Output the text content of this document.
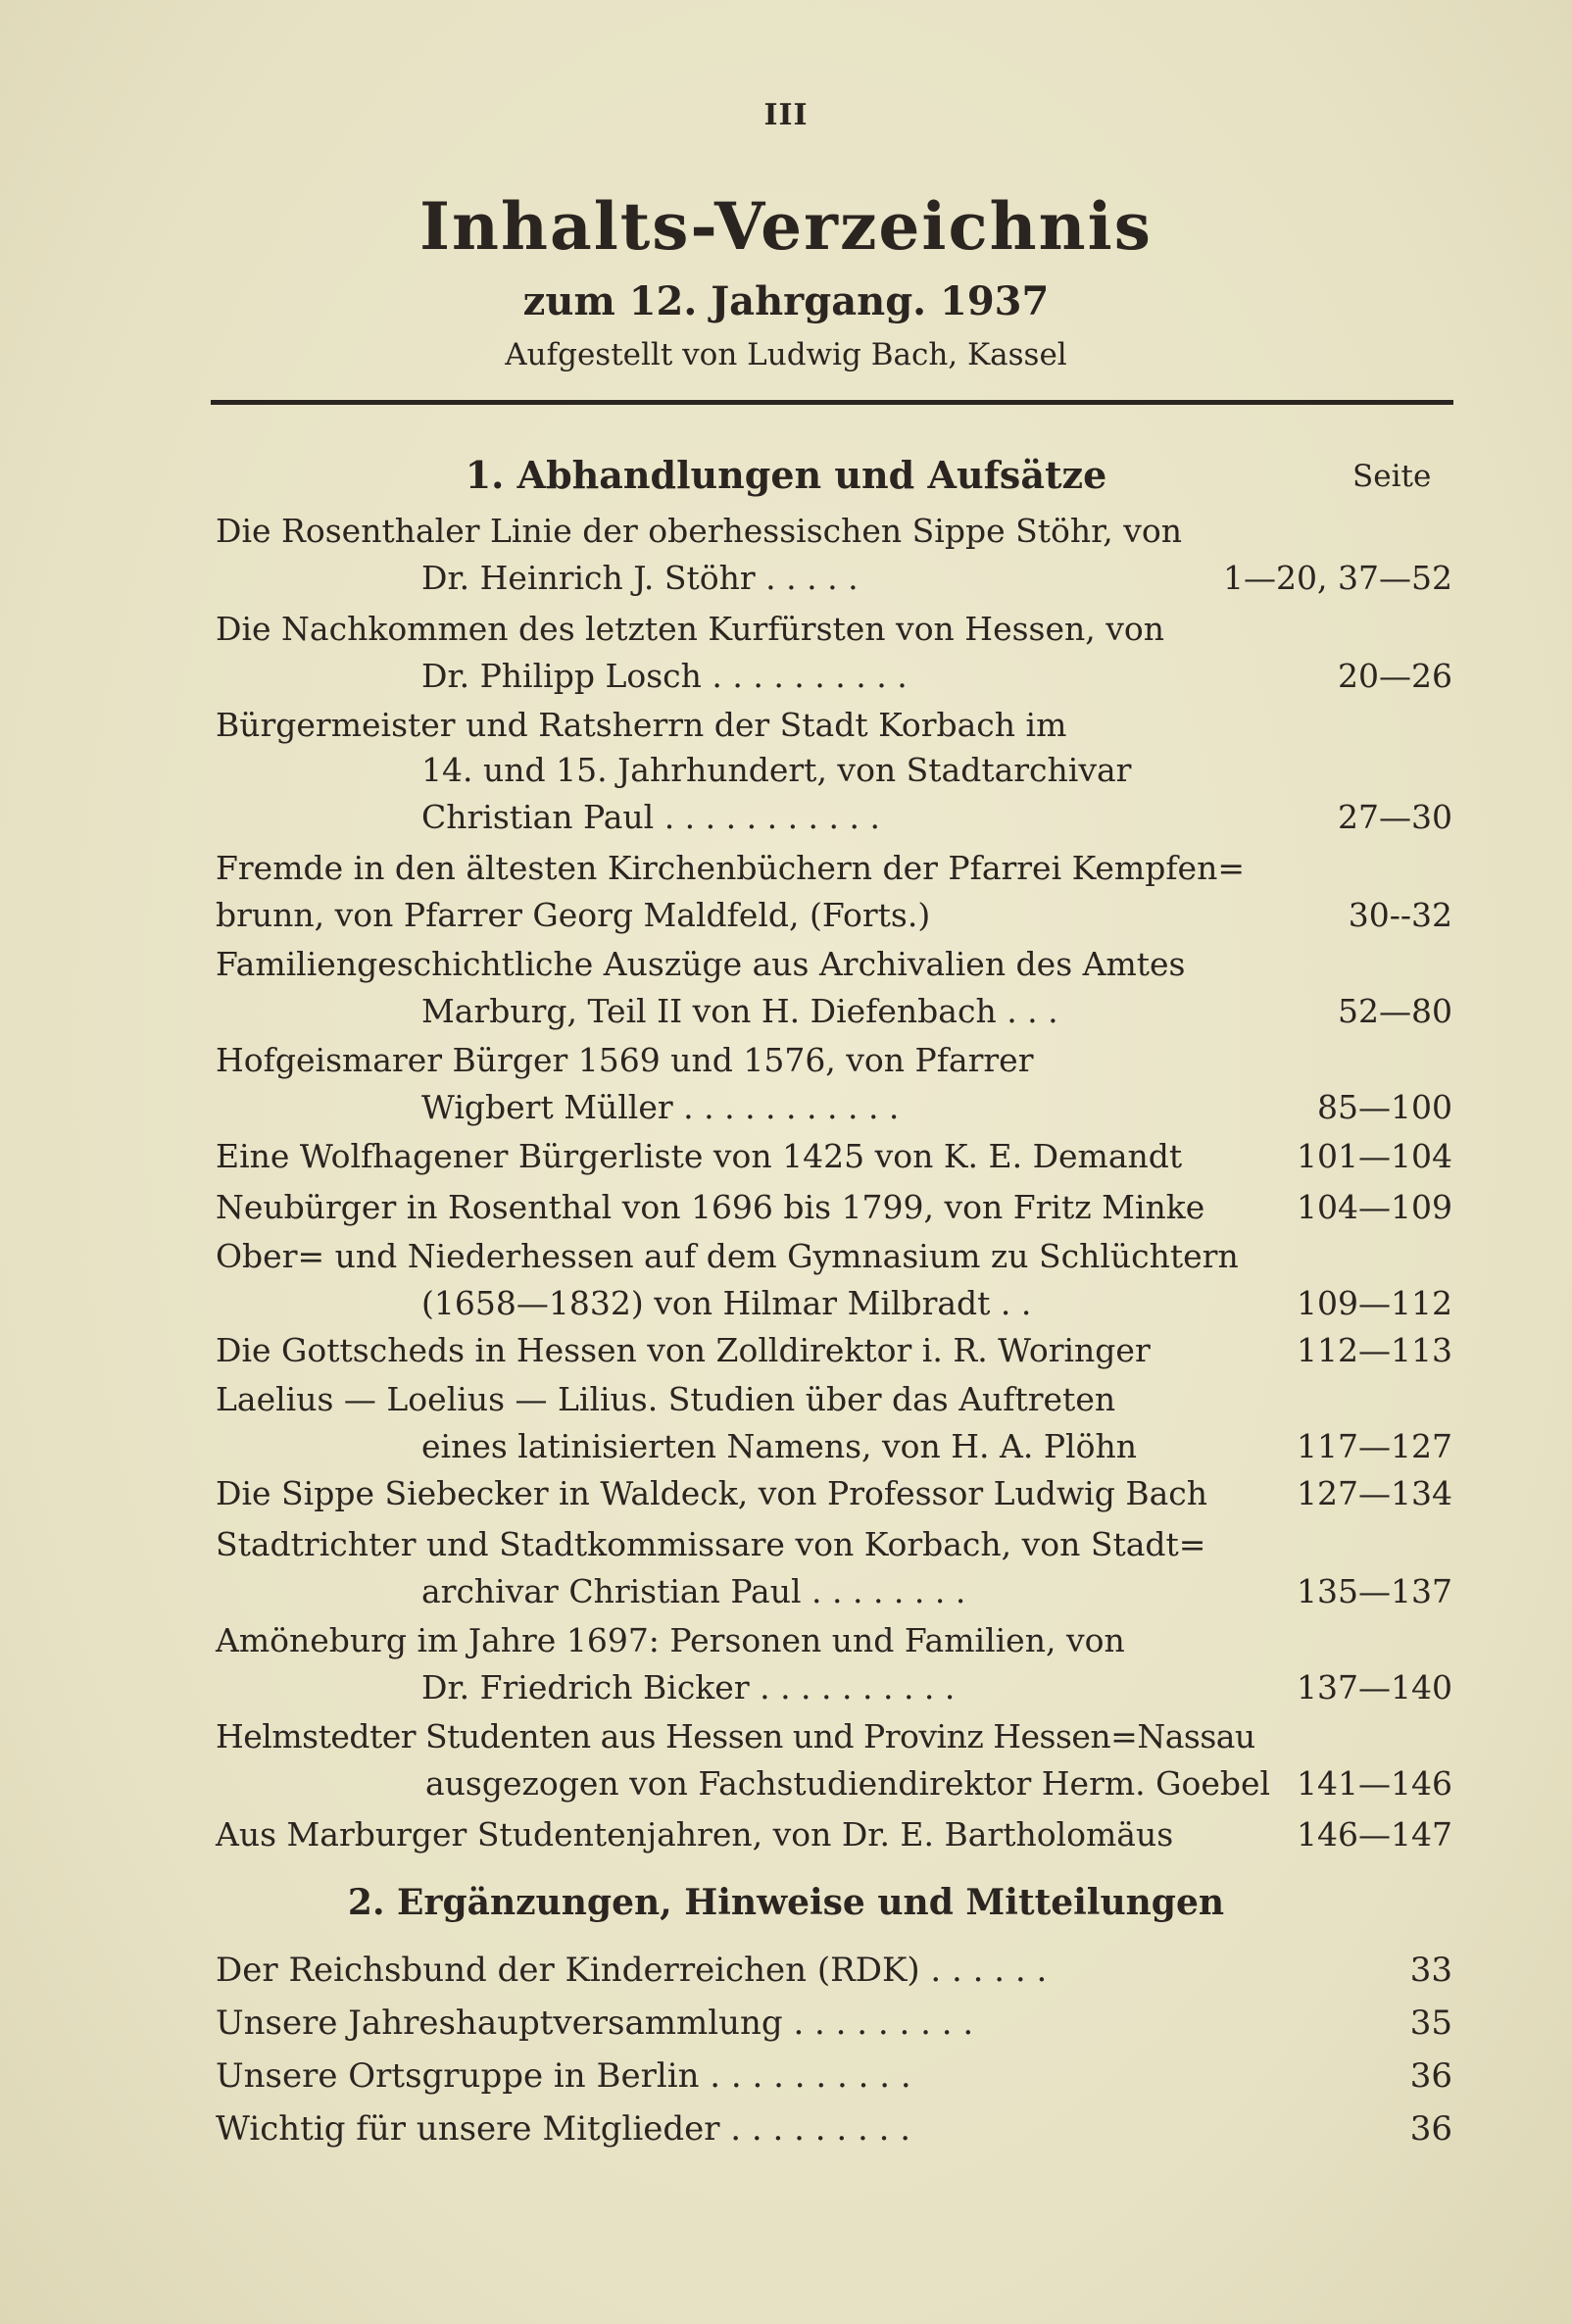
III
Inhalts-Verzeichnis
zum 12. Jahrgang. 1937
Aufgestellt von Ludwig Bach, Kassel
1. Abhandlungen und Aufsätze	Seite
Die Rosenthaler Linie der oberhessischen Sippe Stöhr, von
Dr. Heinrich J. Stöhr . . . . .	1—20, 37—52
Die Nachkommen des letzten Kurfürsten von Hessen, von
Dr. Philipp Losch . . . . . . . . . .	20—26
Bürgermeister und Ratsherrn der Stadt Korbach im
14. und 15. Jahrhundert, von Stadtarchivar
Christian Paul . . . . . . . . . . .	27—30
Fremde in den ältesten Kirchenbüchern der Pfarrei Kempfen=
brunn, von Pfarrer Georg Maldfeld, (Forts.)	30--32
Familiengeschichtliche Auszüge aus Archivalien des Amtes
Marburg, Teil II von H. Diefenbach . . .	52—80
Hofgeismarer Bürger 1569 und 1576, von Pfarrer
Wigbert Müller . . . . . . . . . . .	85—100
Eine Wolfhagener Bürgerliste von 1425 von K. E. Demandt	101—104
Neubürger in Rosenthal von 1696 bis 1799, von Fritz Minke	104—109
Ober= und Niederhessen auf dem Gymnasium zu Schlüchtern
(1658—1832) von Hilmar Milbradt . .	109—112
Die Gottscheds in Hessen von Zolldirektor i. R. Woringer	112—113
Laelius — Loelius — Lilius. Studien über das Auftreten
eines latinisierten Namens, von H. A. Plöhn	117—127
Die Sippe Siebecker in Waldeck, von Professor Ludwig Bach	127—134
Stadtrichter und Stadtkommissare von Korbach, von Stadt=
archivar Christian Paul . . . . . . . .	135—137
Amöneburg im Jahre 1697: Personen und Familien, von
Dr. Friedrich Bicker . . . . . . . . . .	137—140
Helmstedter Studenten aus Hessen und Provinz Hessen=Nassau
ausgezogen von Fachstudiendirektor Herm. Goebel 141—146
Aus Marburger Studentenjahren, von Dr. E. Bartholomäus	146—147
2. Ergänzungen, Hinweise und Mitteilungen
Der Reichsbund der Kinderreichen (RDK) . . . . . .	33
Unsere Jahreshauptversammlung . . . . . . . . .	35
Unsere Ortsgruppe in Berlin . . . . . . . . . .	36
Wichtig für unsere Mitglieder . . . . . . . . .	36
